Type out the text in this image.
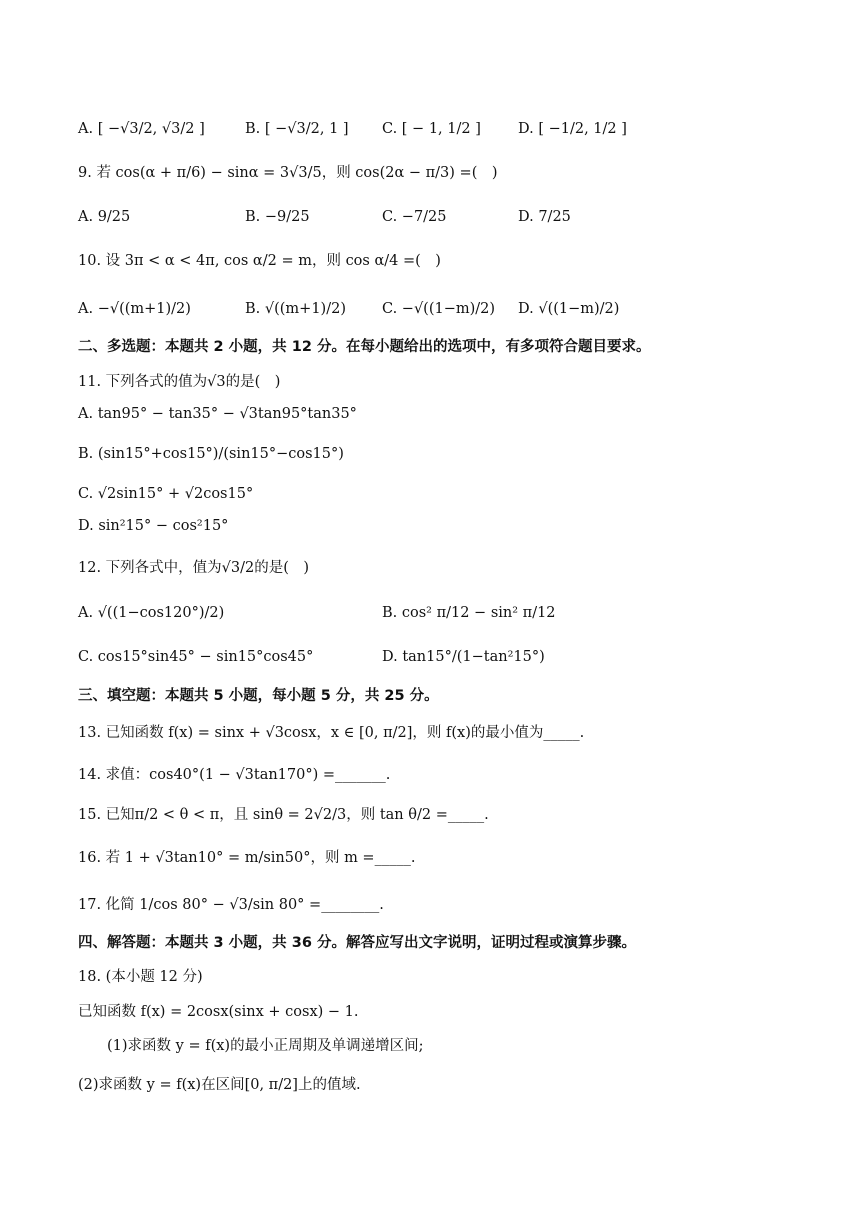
A. [ −√3/2, √3/2 ]	B. [ −√3/2, 1 ] C. [ − 1, 1/2 ]	D. [ −1/2, 1/2 ]
9. 若 cos(α + π/6) − sinα = 3√3/5，则 cos(2α − π/3) =(　)
A. 9/25	B. −9/25	C. −7/25	D. 7/25
10. 设 3π < α < 4π, cos α/2 = m，则 cos α/4 =(　)
A. −√((m+1)/2)	B. √((m+1)/2) C. −√((1−m)/2) D. √((1−m)/2)
二、多选题：本题共 2 小题，共 12 分。在每小题给出的选项中，有多项符合题目要求。
11. 下列各式的值为√3的是(　)
A. tan95° − tan35° − √3tan95°tan35°
B. (sin15°+cos15°)/(sin15°−cos15°)
C. √2sin15° + √2cos15°
D. sin²15° − cos²15°
12. 下列各式中，值为√3/2的是(　)
A. √((1−cos120°)/2)	B. cos² π/12 − sin² π/12
C. cos15°sin45° − sin15°cos45°	D. tan15°/(1−tan²15°)
三、填空题：本题共 5 小题，每小题 5 分，共 25 分。
13. 已知函数 f(x) = sinx + √3cosx，x ∈ [0, π/2]，则 f(x)的最小值为_____.
14. 求值：cos40°(1 − √3tan170°) =_______.
15. 已知π/2 < θ < π，且 sinθ = 2√2/3，则 tan θ/2 =_____.
16. 若 1 + √3tan10° = m/sin50°，则 m =_____.
17. 化简 1/cos 80° − √3/sin 80° =________.
四、解答题：本题共 3 小题，共 36 分。解答应写出文字说明，证明过程或演算步骤。
18. (本小题 12 分)
已知函数 f(x) = 2cosx(sinx + cosx) − 1.
(1)求函数 y = f(x)的最小正周期及单调递增区间;
(2)求函数 y = f(x)在区间[0, π/2]上的值域.
